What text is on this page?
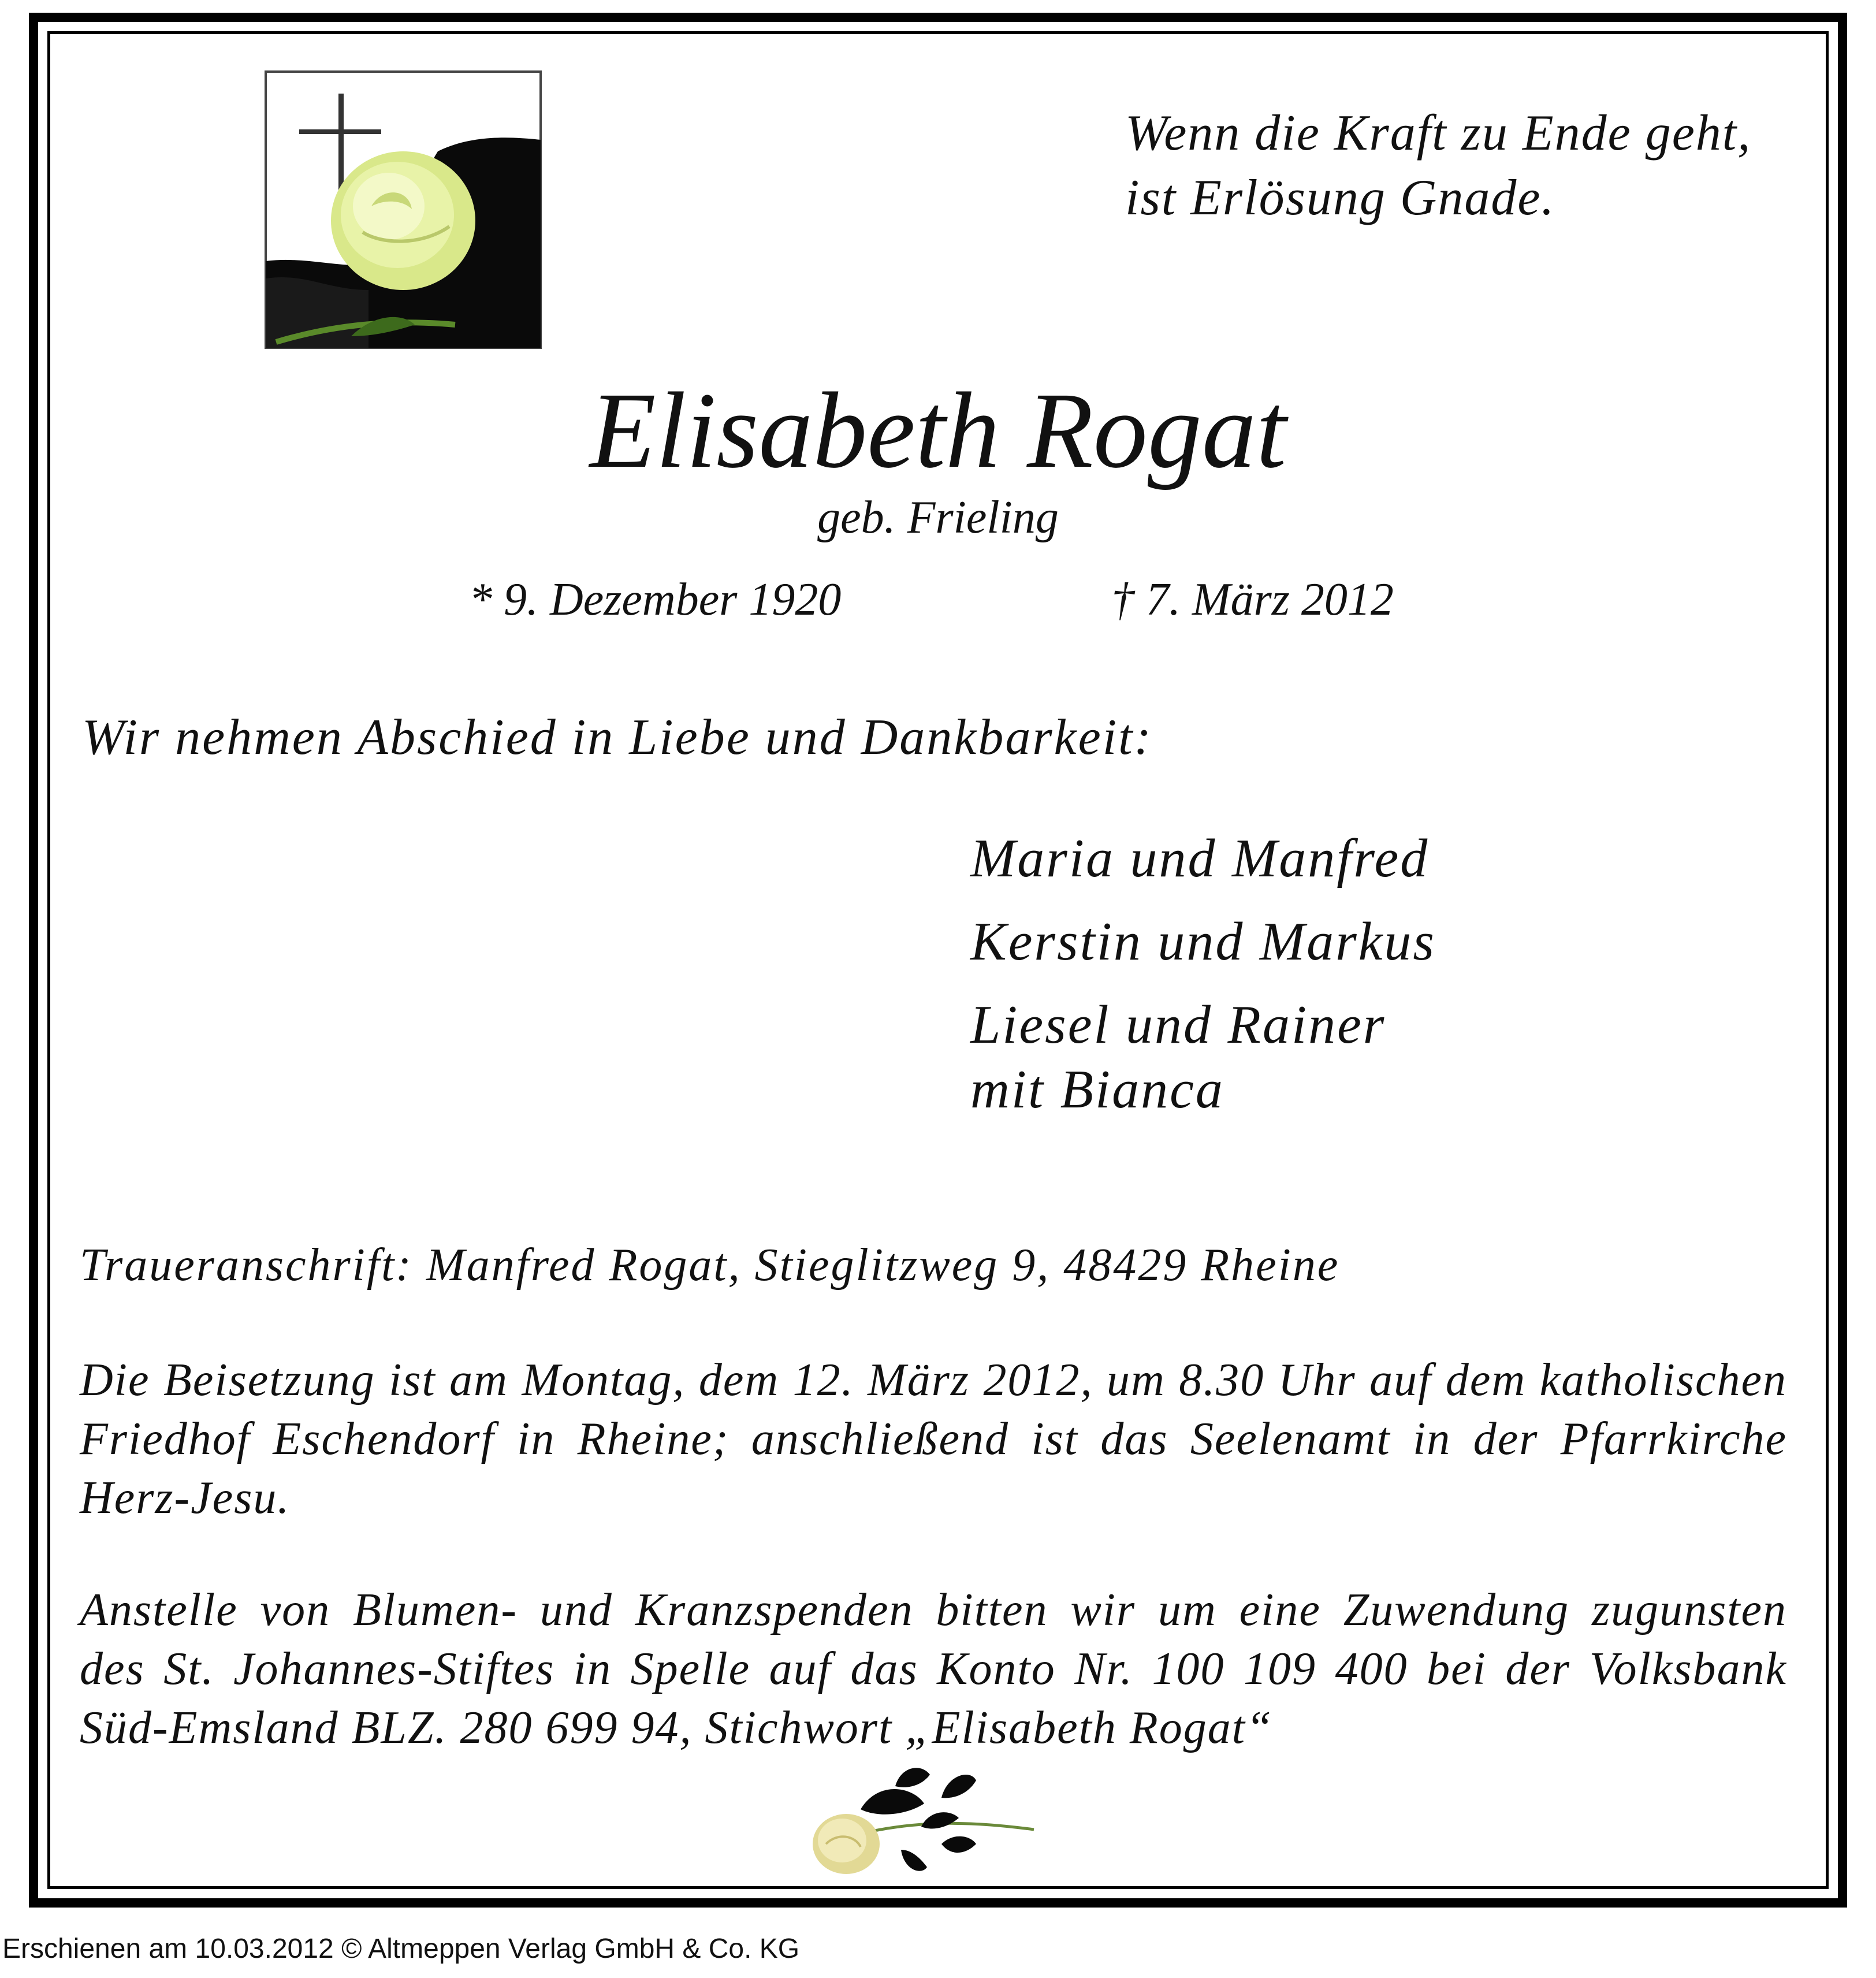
Wenn die Kraft zu Ende geht,
ist Erlösung Gnade.
Elisabeth Rogat
geb. Frieling
* 9. Dezember 1920	† 7. März 2012
Wir nehmen Abschied in Liebe und Dankbarkeit:
Maria und Manfred
Kerstin und Markus
Liesel und Rainer
mit Bianca
Traueranschrift: Manfred Rogat, Stieglitzweg 9, 48429 Rheine
Die Beisetzung ist am Montag, dem 12. März 2012, um 8.30 Uhr auf dem katholischen
Friedhof Eschendorf in Rheine; anschließend ist das Seelenamt in der Pfarrkirche
Herz-Jesu.
Anstelle von Blumen- und Kranzspenden bitten wir um eine Zuwendung zugunsten
des St. Johannes-Stiftes in Spelle auf das Konto Nr. 100 109 400 bei der Volksbank
Süd-Emsland BLZ. 280 699 94, Stichwort „Elisabeth Rogat“
Erschienen am 10.03.2012 © Altmeppen Verlag GmbH & Co. KG
